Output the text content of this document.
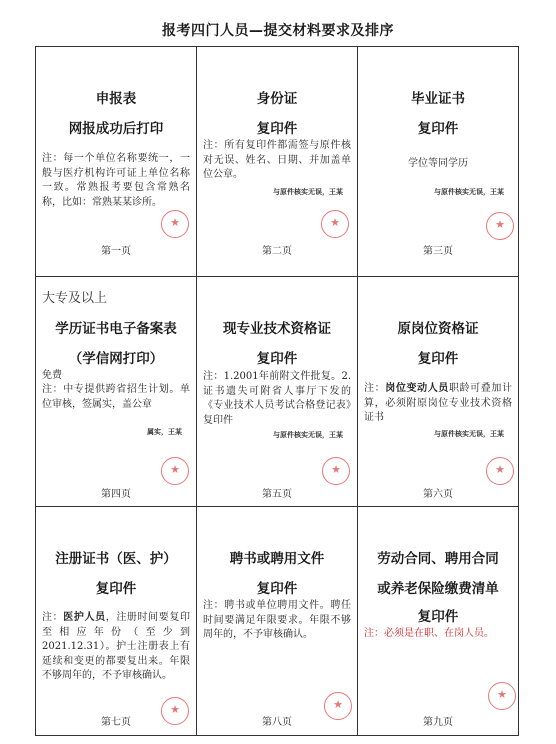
报考四门人员—提交材料要求及排序
申报表
网报成功后打印
注：每一个单位名称要统一，一般与医疗机构许可证上单位名称一致。常熟报考要包含常熟名称，比如：常熟某某诊所。
★
第一页
身份证
复印件
注：所有复印件都需签与原件核对无误、姓名、日期、并加盖单位公章。
与原件核实无误，王某
★
第二页
毕业证书
复印件
学位等同学历
与原件核实无误，王某
★
第三页
大专及以上
学历证书电子备案表
（学信网打印）
免费
注：中专提供跨省招生计划。单位审核，签属实，盖公章
属实，王某
★
第四页
现专业技术资格证
复印件
注：1.2001年前附文件批复。2.证书遗失可附省人事厅下发的《专业技术人员考试合格登记表》复印件
与原件核实无误，王某
★
第五页
原岗位资格证
复印件
注：岗位变动人员职龄可叠加计算，必须附原岗位专业技术资格证书
与原件核实无误，王某
★
第六页
注册证书（医、护）
复印件
注：医护人员，注册时间要复印至相应年份（至少到2021.12.31）。护士注册表上有延续和变更的都要复出来。年限不够周年的，不予审核确认。
★
第七页
聘书或聘用文件
复印件
注：聘书或单位聘用文件。聘任时间要满足年限要求。年限不够周年的，不予审核确认。
★
第八页
劳动合同、聘用合同
或养老保险缴费清单
复印件
注：必须是在职、在岗人员。
★
第九页
